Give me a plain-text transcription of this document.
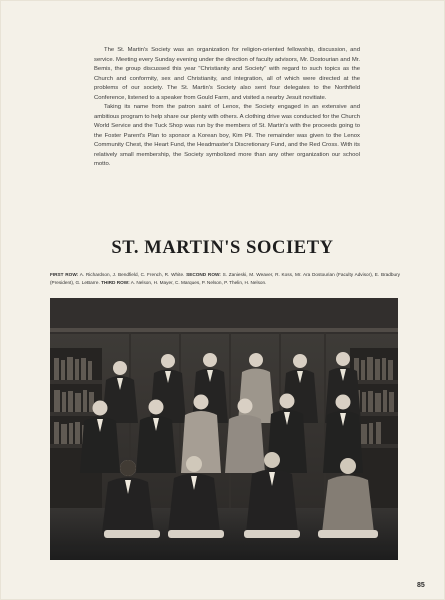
The St. Martin's Society was an organization for religion-oriented fellowship, discussion, and service. Meeting every Sunday evening under the direction of faculty advisors, Mr. Dostourian and Mr. Bemis, the group discussed this year "Christianity and Society" with regard to such topics as the Church and conformity, sex and Christianity, and integration, all of which were directed at the problems of our society. The St. Martin's Society also sent four delegates to the Northfield Conference, listened to a speaker from Gould Farm, and visited a nearby Jesuit novitiate.

Taking its name from the patron saint of Lenox, the Society engaged in an extensive and ambitious program to help share our plenty with others. A clothing drive was conducted for the Church World Service and the Tuck Shop was run by the members of St. Martin's with the proceeds going to the Foster Parent's Plan to sponsor a Korean boy, Kim Pil. The remainder was given to the Lenox Community Chest, the Heart Fund, the Headmaster's Discretionary Fund, and the Red Cross. With its relatively small membership, the Society symbolized more than any other organization our school motto.

ST. MARTIN'S SOCIETY
FIRST ROW: A. Richardson, J. Bendfield, C. French, R. White. SECOND ROW: S. Zanieski, M. Weaver, R. Koss, Mr. Ara Dostourian (Faculty Advisor), E. Bradbury (President), G. LeBarre. THIRD ROW: A. Nelson, H. Mayer, C. Marques, P. Nelson, P. Thelin, H. Nelson.
85
